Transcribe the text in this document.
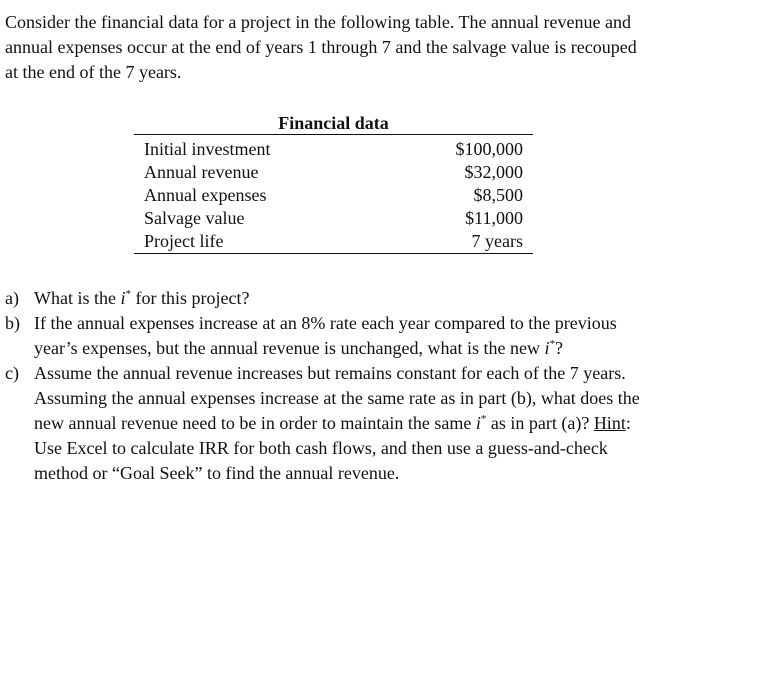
Consider the financial data for a project in the following table. The annual revenue and
annual expenses occur at the end of years 1 through 7 and the salvage value is recouped
at the end of the 7 years.
Financial data
Initial investment	$100,000
Annual revenue	$32,000
Annual expenses	$8,500
Salvage value	$11,000
Project life	7 years
a) What is the i* for this project?
b) If the annual expenses increase at an 8% rate each year compared to the previous
year’s expenses, but the annual revenue is unchanged, what is the new i*?
c) Assume the annual revenue increases but remains constant for each of the 7 years.
Assuming the annual expenses increase at the same rate as in part (b), what does the
new annual revenue need to be in order to maintain the same i* as in part (a)? Hint:
Use Excel to calculate IRR for both cash flows, and then use a guess-and-check
method or “Goal Seek” to find the annual revenue.
